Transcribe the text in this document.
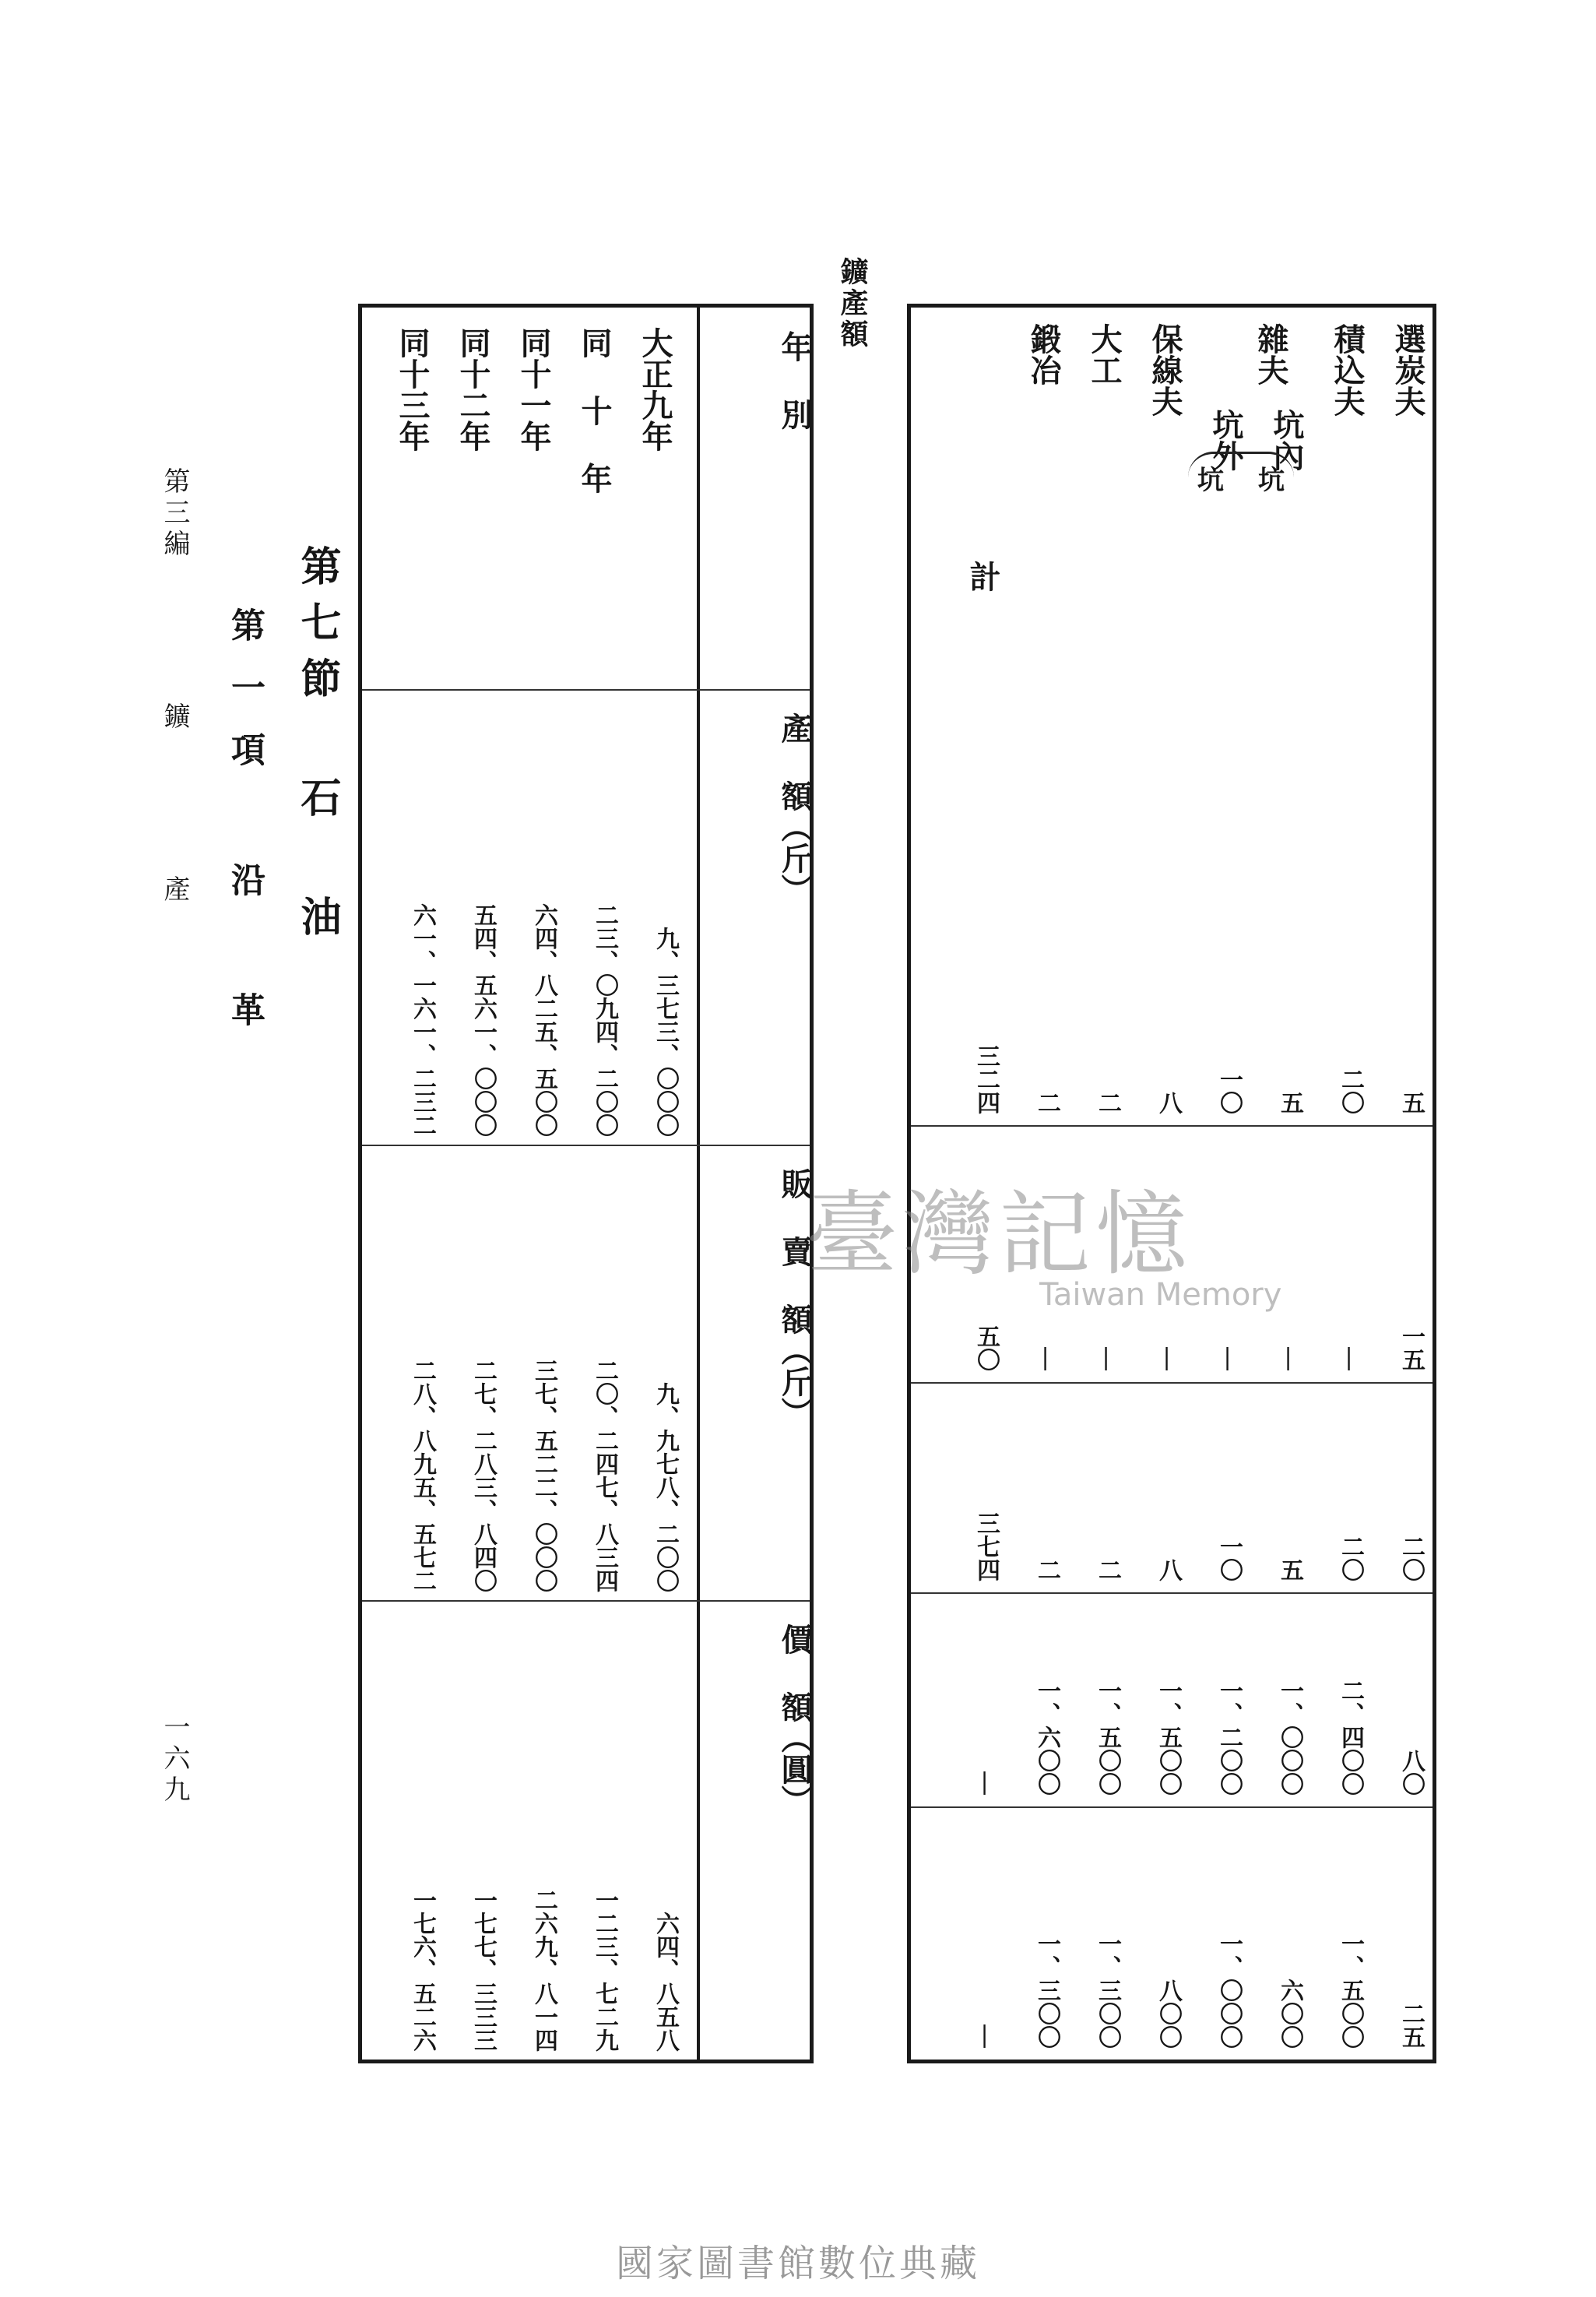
第三編  鑛  產
一六九
第七節 石 油
第一項 沿 革
年 別
產 額（斤）
販 賣 額（斤）
價 額（圓）
大正九年
九、三七三、〇〇〇
九、九七八、二〇〇
六四、八五八
同 十 年
二三、〇九四、二〇〇
二〇、二四七、八三四
一二三、七二九
同十一年
六四、八二五、五〇〇
三七、五二二、〇〇〇
二六九、八一四
同十二年
五四、五六一、〇〇〇
二七、二八三、八四〇
一七七、三三三
同十三年
六一、一六一、二三二
二八、八九五、五七二
一七六、五二六
鑛產額
選炭夫
積込夫
坑內
坑外
保線夫
大工
鍛冶
計
雜夫
坑	坑
五
二〇
五
一〇
八
二
二
三二四
一五
|
|
|
|
|
|
五〇
二〇
二〇
五
一〇
八
二
二
三七四
八〇
二、四〇〇
一、〇〇〇
一、二〇〇
一、五〇〇
一、五〇〇
一、六〇〇
|
二五
一、五〇〇
六〇〇
一、〇〇〇
八〇〇
一、三〇〇
一、三〇〇
|
臺灣記憶
Taiwan Memory
國家圖書館數位典藏
